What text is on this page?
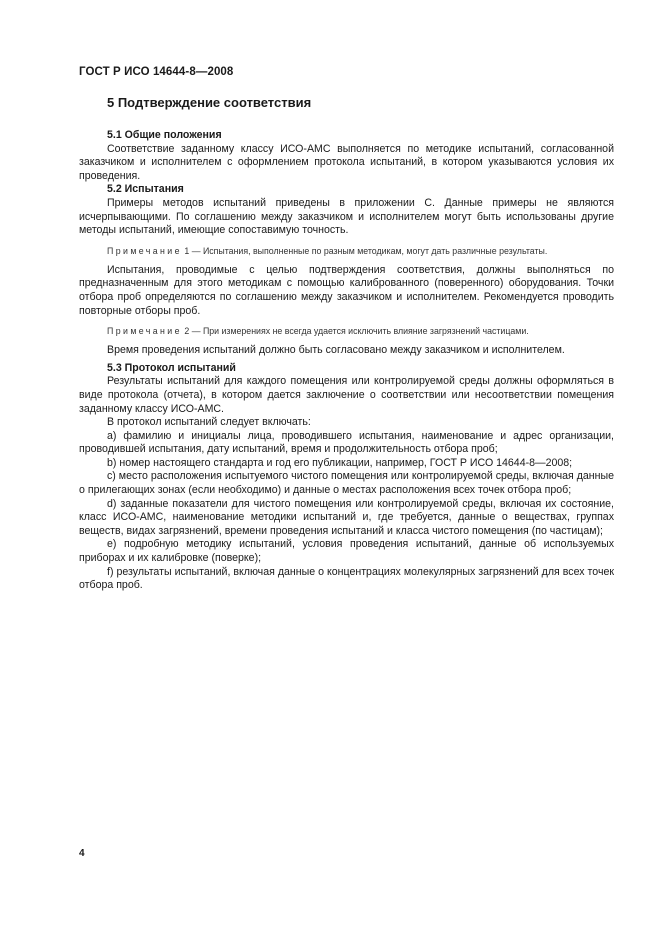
ГОСТ Р ИСО 14644-8—2008
5 Подтверждение соответствия
5.1 Общие положения

Соответствие заданному классу ИСО-АМС выполняется по методике испытаний, согласованной заказчиком и исполнителем с оформлением протокола испытаний, в котором указываются условия их проведения.

5.2 Испытания

Примеры методов испытаний приведены в приложении С. Данные примеры не являются исчерпывающими. По соглашению между заказчиком и исполнителем могут быть использованы другие методы испытаний, имеющие сопоставимую точность.

Примечание 1 — Испытания, выполненные по разным методикам, могут дать различные результаты.

Испытания, проводимые с целью подтверждения соответствия, должны выполняться по предназначенным для этого методикам с помощью калиброванного (поверенного) оборудования. Точки отбора проб определяются по соглашению между заказчиком и исполнителем. Рекомендуется проводить повторные отборы проб.

Примечание 2 — При измерениях не всегда удается исключить влияние загрязнений частицами.

Время проведения испытаний должно быть согласовано между заказчиком и исполнителем.

5.3 Протокол испытаний

Результаты испытаний для каждого помещения или контролируемой среды должны оформляться в виде протокола (отчета), в котором дается заключение о соответствии или несоответствии помещения заданному классу ИСО-АМС.

В протокол испытаний следует включать:

a) фамилию и инициалы лица, проводившего испытания, наименование и адрес организации, проводившей испытания, дату испытаний, время и продолжительность отбора проб;

b) номер настоящего стандарта и год его публикации, например, ГОСТ Р ИСО 14644-8—2008;

c) место расположения испытуемого чистого помещения или контролируемой среды, включая данные о прилегающих зонах (если необходимо) и данные о местах расположения всех точек отбора проб;

d) заданные показатели для чистого помещения или контролируемой среды, включая их состояние, класс ИСО-АМС, наименование методики испытаний и, где требуется, данные о веществах, группах веществ, видах загрязнений, времени проведения испытаний и класса чистого помещения (по частицам);

e) подробную методику испытаний, условия проведения испытаний, данные об используемых приборах и их калибровке (поверке);

f) результаты испытаний, включая данные о концентрациях молекулярных загрязнений для всех точек отбора проб.

4
